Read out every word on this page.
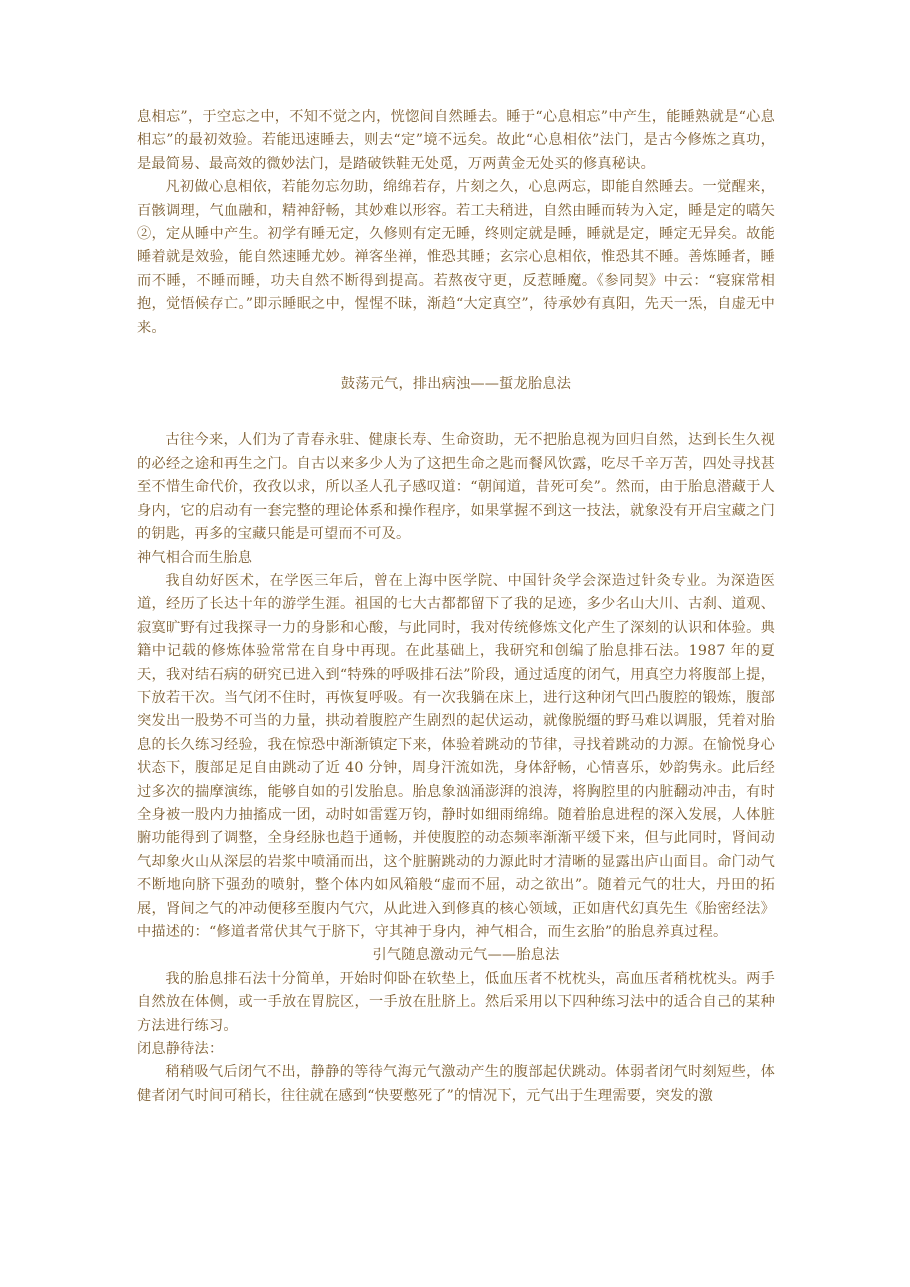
息相忘”，于空忘之中，不知不觉之内，恍惚间自然睡去。睡于“心息相忘”中产生，能睡熟就是“心息相忘”的最初效验。若能迅速睡去，则去“定”境不远矣。故此“心息相依”法门，是古今修炼之真功，是最简易、最高效的微妙法门，是踏破铁鞋无处觅，万两黄金无处买的修真秘诀。

凡初做心息相依，若能勿忘勿助，绵绵若存，片刻之久，心息两忘，即能自然睡去。一觉醒来，百骸调理，气血融和，精神舒畅，其妙难以形容。若工夫稍进，自然由睡而转为入定，睡是定的嚆矢②，定从睡中产生。初学有睡无定，久修则有定无睡，终则定就是睡，睡就是定，睡定无异矣。故能睡着就是效验，能自然速睡尤妙。禅客坐禅，惟恐其睡；玄宗心息相依，惟恐其不睡。善炼睡者，睡而不睡，不睡而睡，功夫自然不断得到提高。若熬夜守更，反惹睡魔。《参同契》中云：“寝寐常相抱，觉悟候存亡。”即示睡眠之中，惺惺不昧，渐趋“大定真空”，待承妙有真阳，先天一炁，自虚无中来。

鼓荡元气，排出病浊——蜇龙胎息法

古往今来，人们为了青春永驻、健康长寿、生命资助，无不把胎息视为回归自然，达到长生久视的必经之途和再生之门。自古以来多少人为了这把生命之匙而餐风饮露，吃尽千辛万苦，四处寻找甚至不惜生命代价，孜孜以求，所以圣人孔子感叹道：“朝闻道，昔死可矣”。然而，由于胎息潜藏于人身内，它的启动有一套完整的理论体系和操作程序，如果掌握不到这一技法，就象没有开启宝藏之门的钥匙，再多的宝藏只能是可望而不可及。

神气相合而生胎息

我自幼好医术，在学医三年后，曾在上海中医学院、中国针灸学会深造过针灸专业。为深造医道，经历了长达十年的游学生涯。祖国的七大古都都留下了我的足迹，多少名山大川、古刹、道观、寂寞旷野有过我探寻一力的身影和心酸，与此同时，我对传统修炼文化产生了深刻的认识和体验。典籍中记载的修炼体验常常在自身中再现。在此基础上，我研究和创编了胎息排石法。1987 年的夏天，我对结石病的研究已进入到“特殊的呼吸排石法”阶段，通过适度的闭气，用真空力将腹部上提，下放若干次。当气闭不住时，再恢复呼吸。有一次我躺在床上，进行这种闭气凹凸腹腔的锻炼，腹部突发出一股势不可当的力量，拱动着腹腔产生剧烈的起伏运动，就像脱缰的野马难以调服，凭着对胎息的长久练习经验，我在惊恐中渐渐镇定下来，体验着跳动的节律，寻找着跳动的力源。在愉悦身心状态下，腹部足足自由跳动了近 40 分钟，周身汗流如洗，身体舒畅，心情喜乐，妙韵隽永。此后经过多次的揣摩演练，能够自如的引发胎息。胎息象汹涌澎湃的浪涛，将胸腔里的内脏翻动冲击，有时全身被一股内力抽搐成一团，动时如雷霆万钧，静时如细雨绵绵。随着胎息进程的深入发展，人体脏腑功能得到了调整，全身经脉也趋于通畅，并使腹腔的动态频率渐渐平缓下来，但与此同时，肾间动气却象火山从深层的岩浆中喷涌而出，这个脏腑跳动的力源此时才清晰的显露出庐山面目。命门动气不断地向脐下强劲的喷射，整个体内如风箱般“虚而不屈，动之欲出”。随着元气的壮大，丹田的拓展，肾间之气的冲动便移至腹内气穴，从此进入到修真的核心领域，正如唐代幻真先生《胎密经法》中描述的：“修道者常伏其气于脐下，守其神于身内，神气相合，而生玄胎”的胎息养真过程。

引气随息激动元气——胎息法

我的胎息排石法十分简单，开始时仰卧在软垫上，低血压者不枕枕头，高血压者稍枕枕头。两手自然放在体侧，或一手放在胃脘区，一手放在肚脐上。然后采用以下四种练习法中的适合自己的某种方法进行练习。

闭息静待法：

稍稍吸气后闭气不出，静静的等待气海元气激动产生的腹部起伏跳动。体弱者闭气时刻短些，体健者闭气时间可稍长，往往就在感到“快要憋死了”的情况下，元气出于生理需要，突发的激
